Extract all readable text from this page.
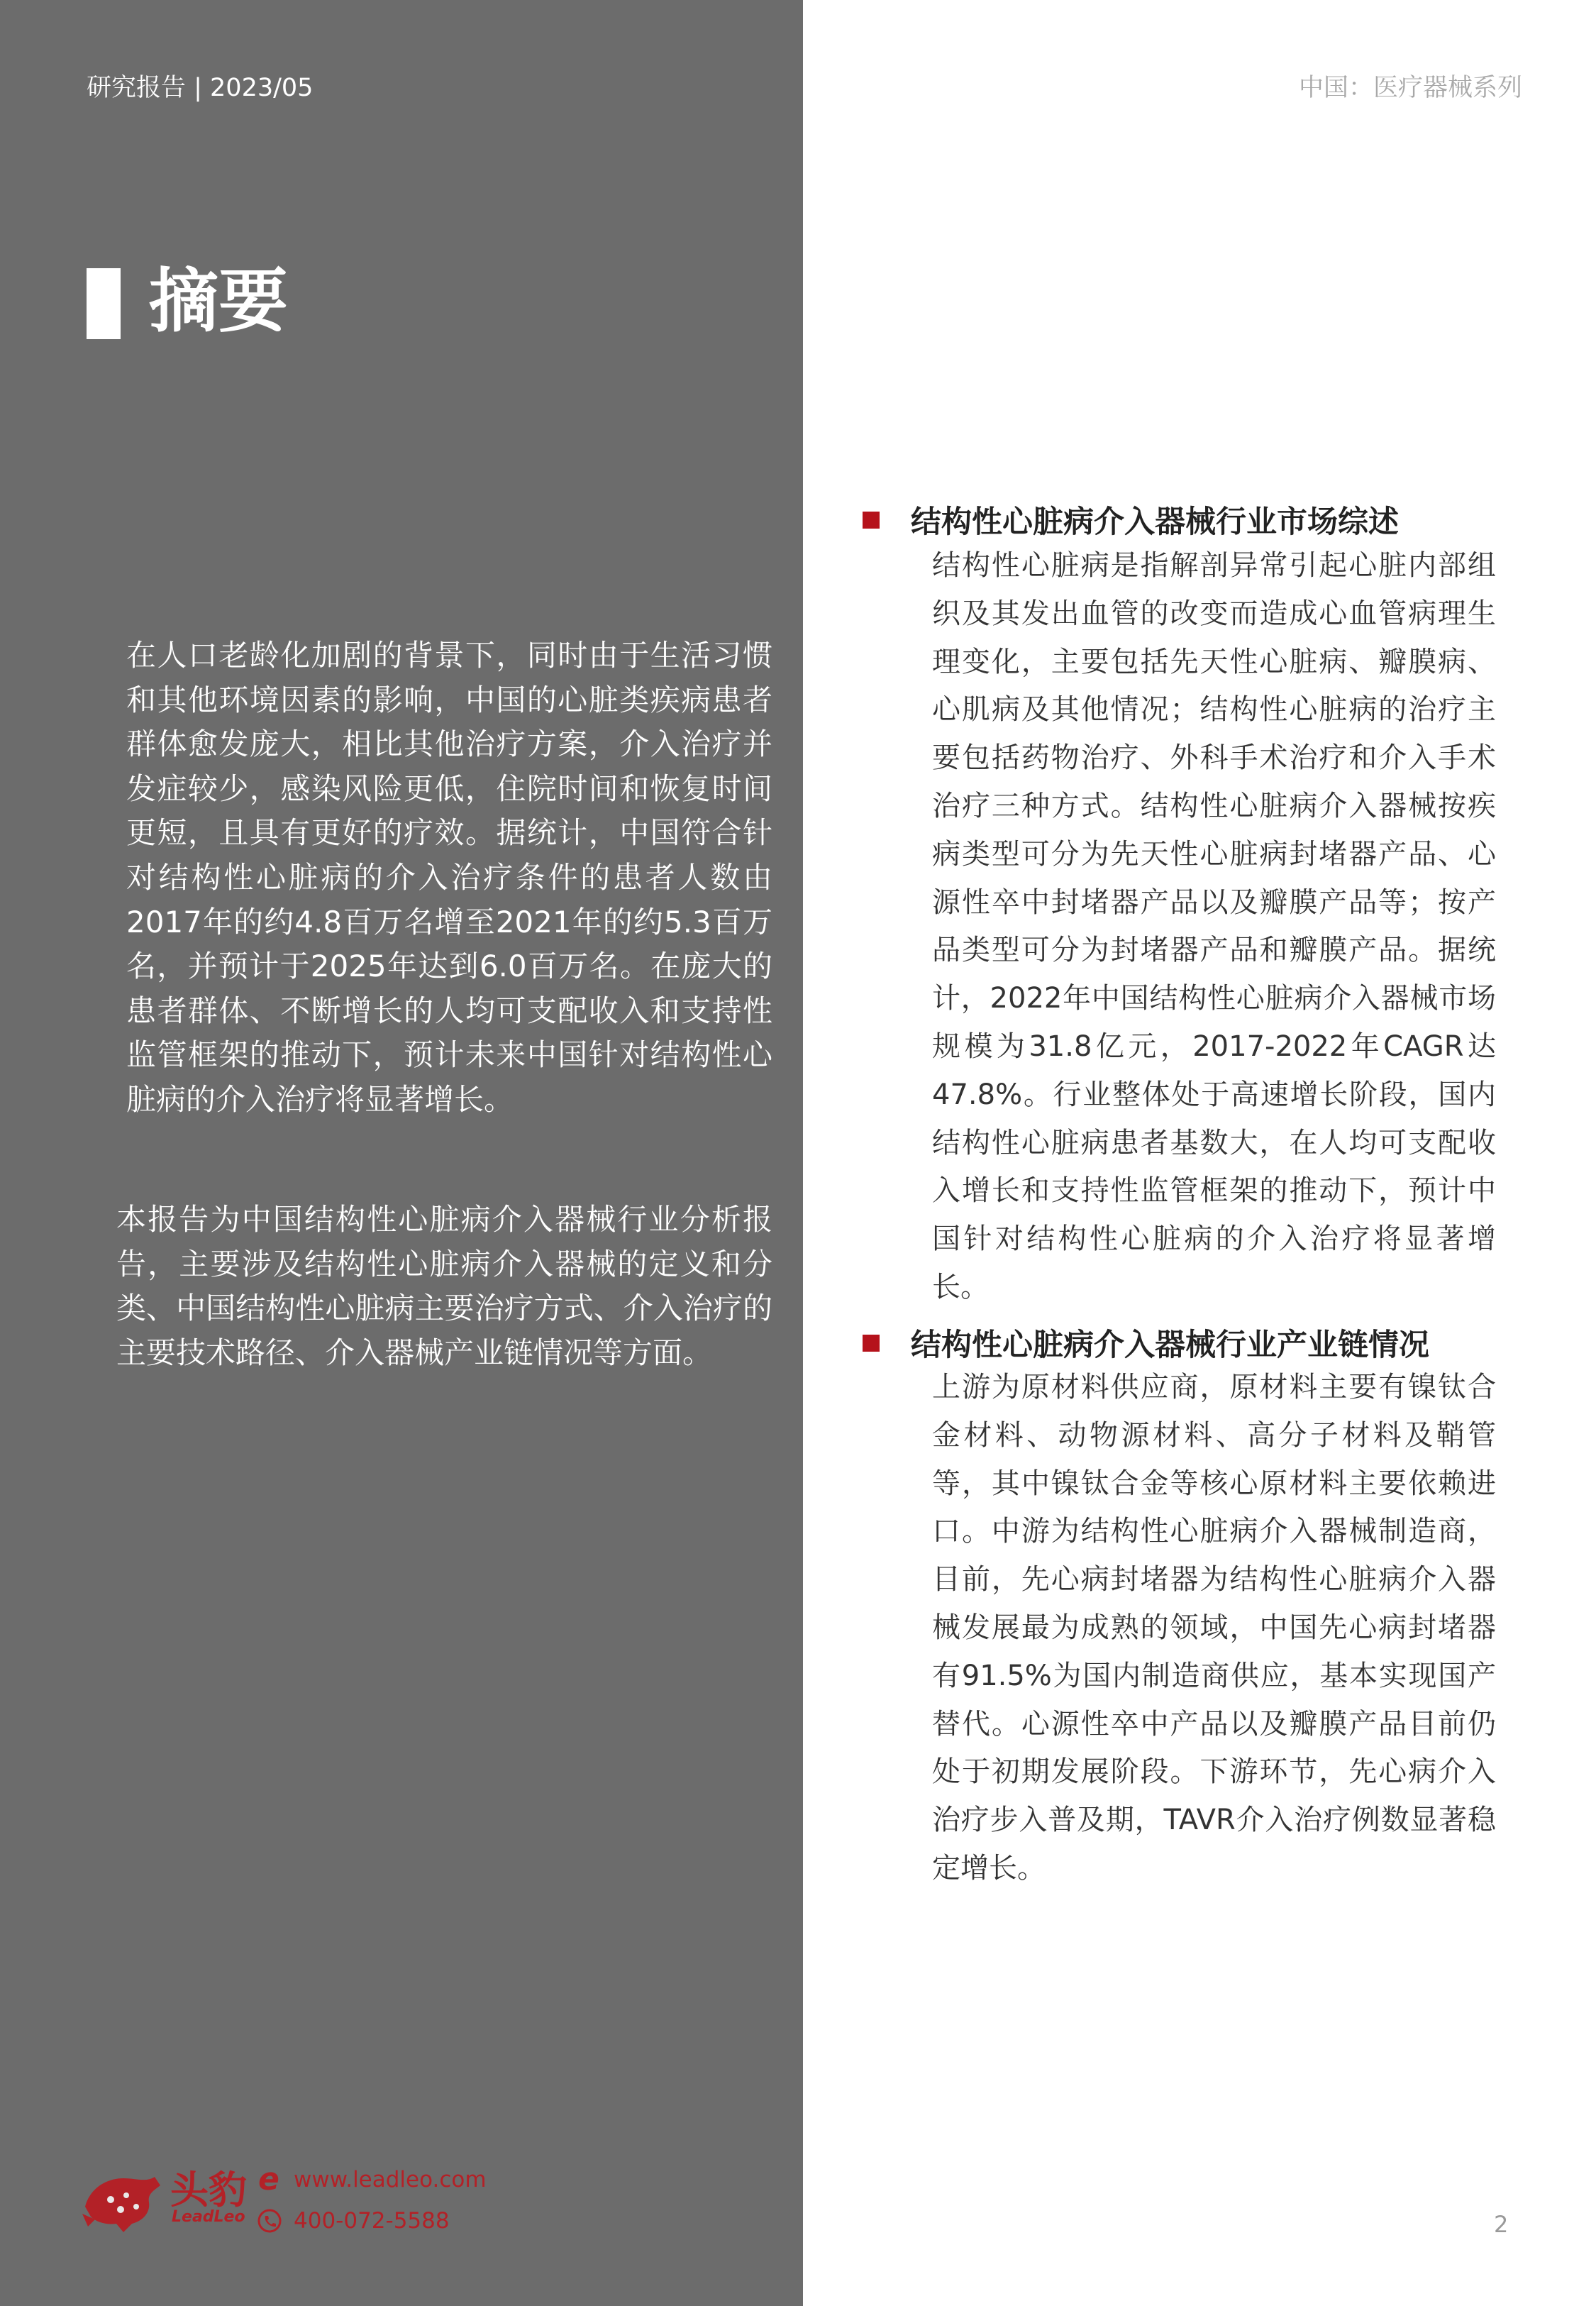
研究报告 | 2023/05	中国：医疗器械系列
摘要

在人口老龄化加剧的背景下，同时由于生活习惯和其他环境因素的影响，中国的心脏类疾病患者群体愈发庞大，相比其他治疗方案，介入治疗并发症较少，感染风险更低，住院时间和恢复时间更短，且具有更好的疗效。据统计，中国符合针对结构性心脏病的介入治疗条件的患者人数由2017年的约4.8百万名增至2021年的约5.3百万名，并预计于2025年达到6.0百万名。在庞大的患者群体、不断增长的人均可支配收入和支持性监管框架的推动下，预计未来中国针对结构性心脏病的介入治疗将显著增长。

本报告为中国结构性心脏病介入器械行业分析报告，主要涉及结构性心脏病介入器械的定义和分类、中国结构性心脏病主要治疗方式、介入治疗的主要技术路径、介入器械产业链情况等方面。

结构性心脏病介入器械行业市场综述

结构性心脏病是指解剖异常引起心脏内部组织及其发出血管的改变而造成心血管病理生理变化，主要包括先天性心脏病、瓣膜病、心肌病及其他情况；结构性心脏病的治疗主要包括药物治疗、外科手术治疗和介入手术治疗三种方式。结构性心脏病介入器械按疾病类型可分为先天性心脏病封堵器产品、心源性卒中封堵器产品以及瓣膜产品等；按产品类型可分为封堵器产品和瓣膜产品。据统计，2022年中国结构性心脏病介入器械市场规模为31.8亿元，2017-2022年CAGR达47.8%。行业整体处于高速增长阶段，国内结构性心脏病患者基数大，在人均可支配收入增长和支持性监管框架的推动下，预计中国针对结构性心脏病的介入治疗将显著增长。

结构性心脏病介入器械行业产业链情况

上游为原材料供应商，原材料主要有镍钛合金材料、动物源材料、高分子材料及鞘管等，其中镍钛合金等核心原材料主要依赖进口。中游为结构性心脏病介入器械制造商，目前，先心病封堵器为结构性心脏病介入器械发展最为成熟的领域，中国先心病封堵器有91.5%为国内制造商供应，基本实现国产替代。心源性卒中产品以及瓣膜产品目前仍处于初期发展阶段。下游环节，先心病介入治疗步入普及期，TAVR介入治疗例数显著稳定增长。

头豹
LeadLeo
e www.leadleo.com
400-072-5588	2
